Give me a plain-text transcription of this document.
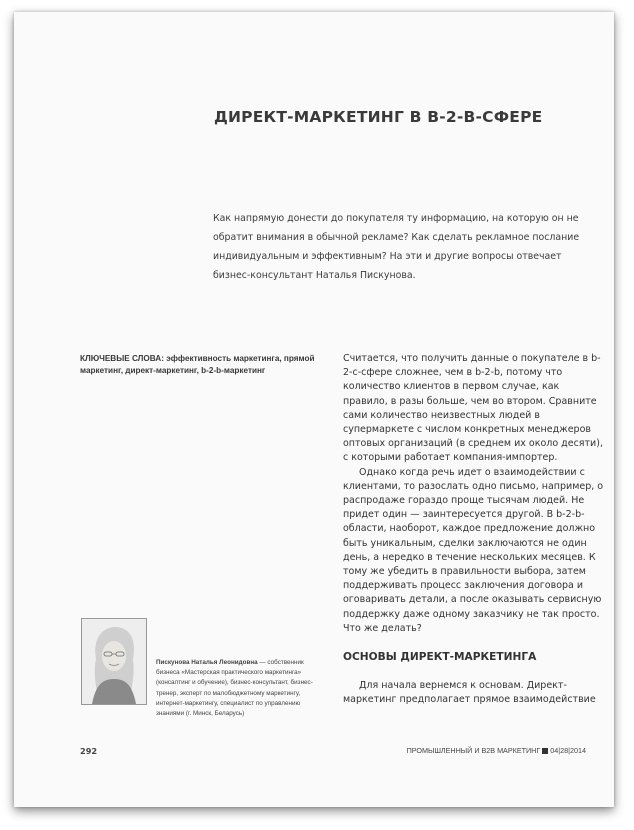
ДИРЕКТ-МАРКЕТИНГ В B-2-B-СФЕРЕ

Как напрямую донести до покупателя ту информацию, на которую он не обратит внимания в обычной рекламе? Как сделать рекламное послание индивидуальным и эффективным? На эти и другие вопросы отвечает бизнес-консультант Наталья Пискунова.

КЛЮЧЕВЫЕ СЛОВА: эффективность маркетинга, прямой маркетинг, директ-маркетинг, b-2-b-маркетинг

Считается, что получить данные о покупателе в b-2-c-сфере сложнее, чем в b-2-b, потому что количество клиентов в первом случае, как правило, в разы больше, чем во втором. Сравните сами количество неизвестных людей в супермаркете с числом конкретных менеджеров оптовых организаций (в среднем их около десяти), с которыми работает компания-импортер.

Однако когда речь идет о взаимодействии с клиентами, то разослать одно письмо, например, о распродаже гораздо проще тысячам людей. Не придет один — заинтересуется другой. В b-2-b-области, наоборот, каждое предложение должно быть уникальным, сделки заключаются не один день, а нередко в течение нескольких месяцев. К тому же убедить в правильности выбора, затем поддерживать процесс заключения договора и оговаривать детали, а после оказывать сервисную поддержку даже одному заказчику не так просто. Что же делать?

ОСНОВЫ ДИРЕКТ-МАРКЕТИНГА

Для начала вернемся к основам. Директ-маркетинг предполагает прямое взаимодействие

Пискунова Наталья Леонидовна — собственник бизнеса «Мастерская практического маркетинга» (консалтинг и обучение), бизнес-консультант, бизнес-тренер, эксперт по малобюджетному маркетингу, интернет-маркетингу, специалист по управлению знаниями (г. Минск, Беларусь)
292	ПРОМЫШЛЕННЫЙ И B2B МАРКЕТИНГ 04|28|2014
